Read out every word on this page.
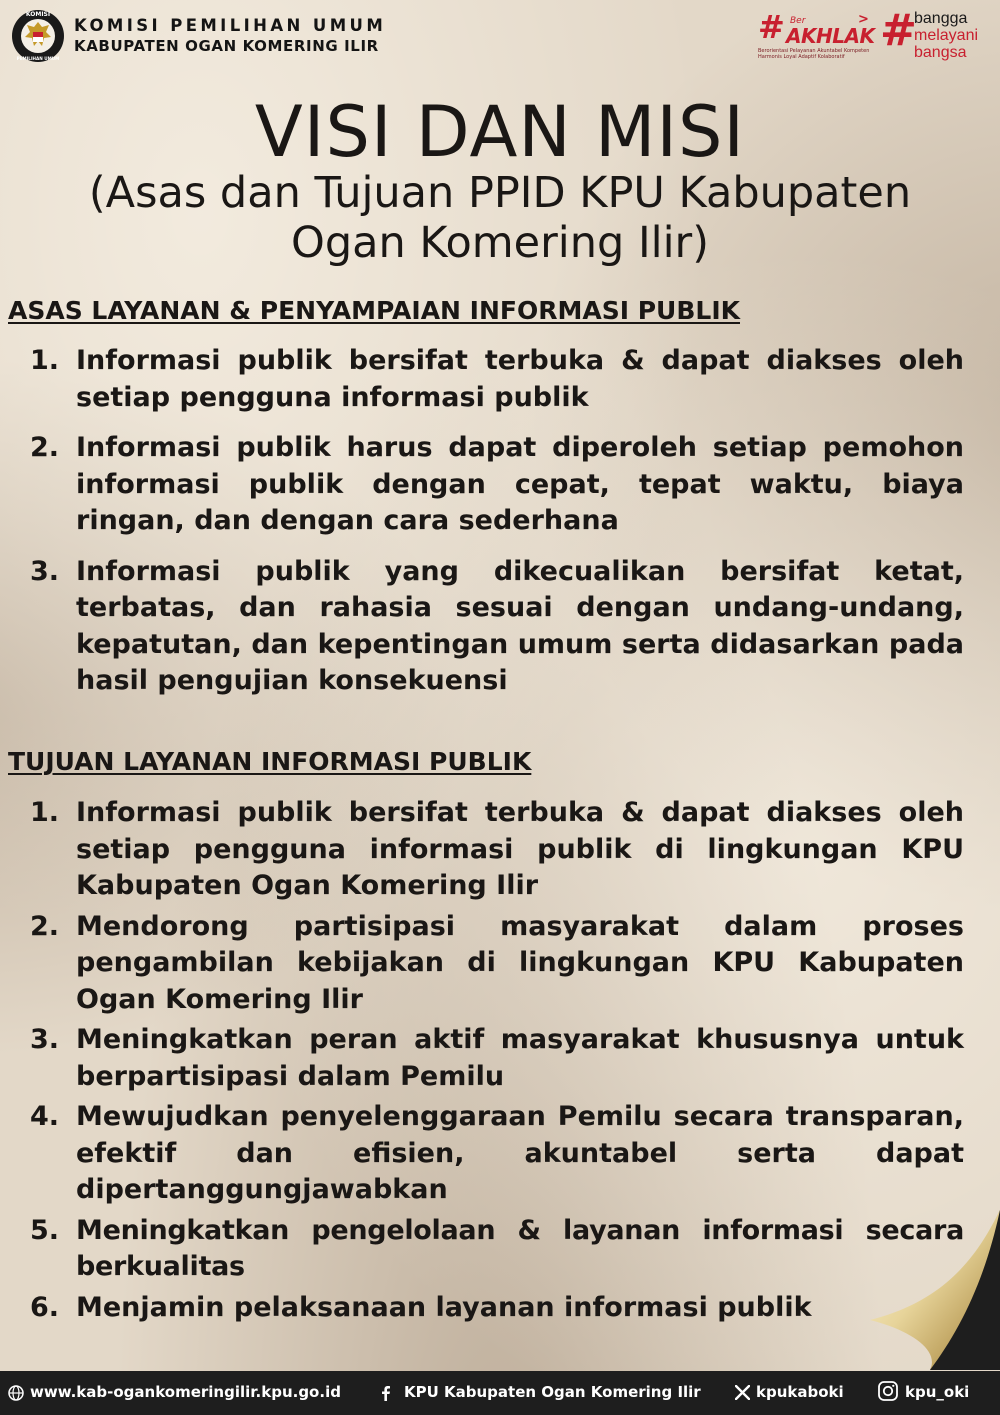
KOMISI
PEMILIHAN UMUM
KOMISI PEMILIHAN UMUM
KABUPATEN OGAN KOMERING ILIR	# Ber
AKHLAK
>
Berorientasi Pelayanan Akuntabel Kompeten Harmonis Loyal Adaptif Kolaboratif
#
bangga
melayani
bangsa
VISI DAN MISI
(Asas dan Tujuan PPID KPU Kabupaten Ogan Komering Ilir)
ASAS LAYANAN & PENYAMPAIAN INFORMASI PUBLIK
1. Informasi publik bersifat terbuka & dapat diakses oleh setiap pengguna informasi publik
2. Informasi publik harus dapat diperoleh setiap pemohon informasi publik dengan cepat, tepat waktu, biaya ringan, dan dengan cara sederhana
3. Informasi publik yang dikecualikan bersifat ketat, terbatas, dan rahasia sesuai dengan undang-undang, kepatutan, dan kepentingan umum serta didasarkan pada hasil pengujian konsekuensi
TUJUAN LAYANAN INFORMASI PUBLIK
1. Informasi publik bersifat terbuka & dapat diakses oleh setiap pengguna informasi publik di lingkungan KPU Kabupaten Ogan Komering Ilir
2. Mendorong partisipasi masyarakat dalam proses pengambilan kebijakan di lingkungan KPU Kabupaten Ogan Komering Ilir
3. Meningkatkan peran aktif masyarakat khususnya untuk berpartisipasi dalam Pemilu
4. Mewujudkan penyelenggaraan Pemilu secara transparan, efektif dan efisien, akuntabel serta dapat dipertanggungjawabkan
5. Meningkatkan pengelolaan & layanan informasi secara berkualitas
6. Menjamin pelaksanaan layanan informasi publik
www.kab-ogankomeringilir.kpu.go.id	KPU Kabupaten Ogan Komering Ilir	kpukaboki	kpu_oki
